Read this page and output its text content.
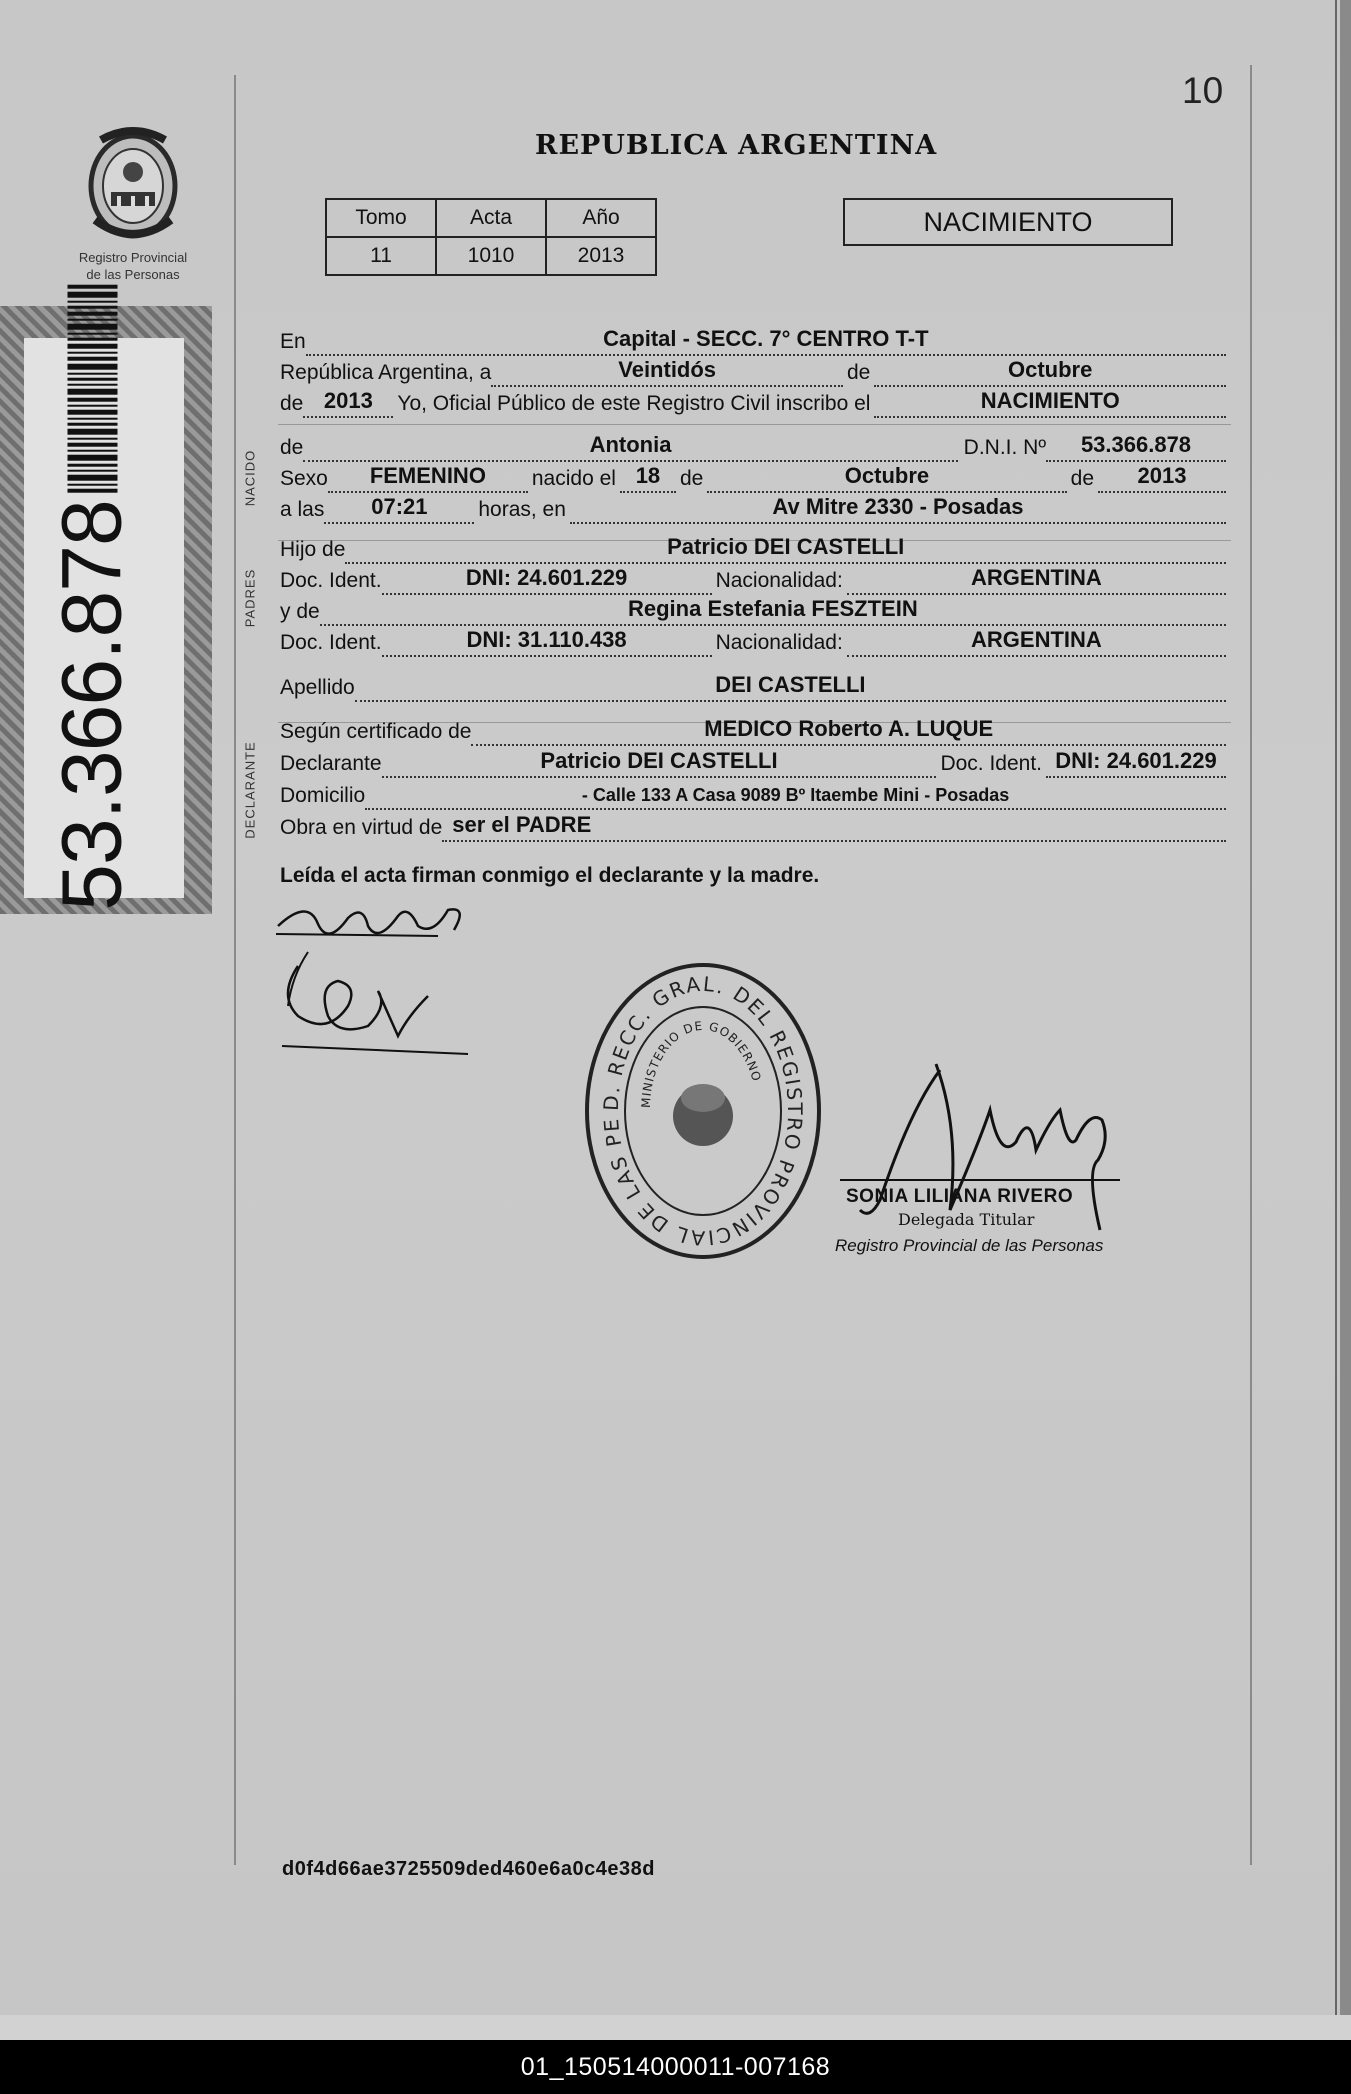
10
REPUBLICA ARGENTINA
Registro Provincial
de las Personas
53.366.878
Tomo	Acta	Año
11	1010	2013
NACIMIENTO
NACIDO
PADRES
DECLARANTE
En	Capital - SECC. 7° CENTRO T-T
República Argentina, a	Veintidós	de	Octubre
de 2013	Yo, Oficial Público de este Registro Civil inscribo el	NACIMIENTO
de	Antonia	D.N.I. Nº	53.366.878
Sexo	FEMENINO	nacido el 18 de	Octubre	de	2013
a las	07:21	horas, en	Av Mitre 2330 - Posadas
Hijo de	Patricio DEI CASTELLI
Doc. Ident.	DNI: 24.601.229	Nacionalidad:	ARGENTINA
y de	Regina Estefania FESZTEIN
Doc. Ident.	DNI: 31.110.438	Nacionalidad:	ARGENTINA
Apellido	DEI CASTELLI
Según certificado de	MEDICO Roberto A. LUQUE
Declarante	Patricio DEI CASTELLI	Doc. Ident. DNI: 24.601.229
Domicilio	- Calle 133 A Casa 9089 Bº Itaembe Mini - Posadas
Obra en virtud de ser el PADRE
Leída el acta firman conmigo el declarante y la madre.
D. RECC. GRAL. DEL REGISTRO PROVINCIAL DE LAS PE
MINISTERIO DE GOBIERNO
SONIA LILIANA RIVERO
Delegada Titular
Registro Provincial de las Personas
d0f4d66ae3725509ded460e6a0c4e38d
01_150514000011-007168
